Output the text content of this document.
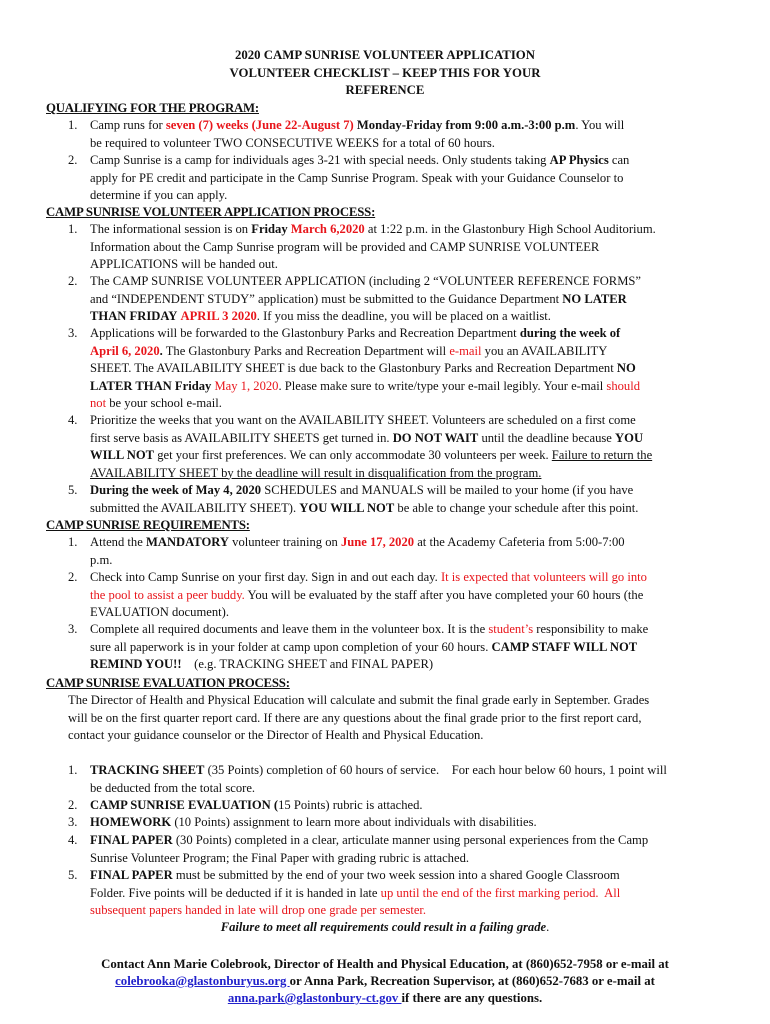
2020 CAMP SUNRISE VOLUNTEER APPLICATION
VOLUNTEER CHECKLIST – KEEP THIS FOR YOUR
REFERENCE
QUALIFYING FOR THE PROGRAM:
1. Camp runs for seven (7) weeks (June 22-August 7) Monday-Friday from 9:00 a.m.-3:00 p.m. You will
be required to volunteer TWO CONSECUTIVE WEEKS for a total of 60 hours.
2. Camp Sunrise is a camp for individuals ages 3-21 with special needs. Only students taking AP Physics can
apply for PE credit and participate in the Camp Sunrise Program. Speak with your Guidance Counselor to
determine if you can apply.
CAMP SUNRISE VOLUNTEER APPLICATION PROCESS:
1. The informational session is on Friday March 6,2020 at 1:22 p.m. in the Glastonbury High School Auditorium.
Information about the Camp Sunrise program will be provided and CAMP SUNRISE VOLUNTEER
APPLICATIONS will be handed out.
2. The CAMP SUNRISE VOLUNTEER APPLICATION (including 2 “VOLUNTEER REFERENCE FORMS”
and “INDEPENDENT STUDY” application) must be submitted to the Guidance Department NO LATER
THAN FRIDAY APRIL 3 2020. If you miss the deadline, you will be placed on a waitlist.
3. Applications will be forwarded to the Glastonbury Parks and Recreation Department during the week of
April 6, 2020. The Glastonbury Parks and Recreation Department will e-mail you an AVAILABILITY
SHEET. The AVAILABILITY SHEET is due back to the Glastonbury Parks and Recreation Department NO
LATER THAN Friday May 1, 2020. Please make sure to write/type your e-mail legibly. Your e-mail should
not be your school e-mail.
4. Prioritize the weeks that you want on the AVAILABILITY SHEET. Volunteers are scheduled on a first come
first serve basis as AVAILABILITY SHEETS get turned in. DO NOT WAIT until the deadline because YOU
WILL NOT get your first preferences. We can only accommodate 30 volunteers per week. Failure to return the
AVAILABILITY SHEET by the deadline will result in disqualification from the program.
5. During the week of May 4, 2020 SCHEDULES and MANUALS will be mailed to your home (if you have
submitted the AVAILABILITY SHEET). YOU WILL NOT be able to change your schedule after this point.
CAMP SUNRISE REQUIREMENTS:
1. Attend the MANDATORY volunteer training on June 17, 2020 at the Academy Cafeteria from 5:00-7:00
p.m.
2. Check into Camp Sunrise on your first day. Sign in and out each day. It is expected that volunteers will go into
the pool to assist a peer buddy. You will be evaluated by the staff after you have completed your 60 hours (the
EVALUATION document).
3. Complete all required documents and leave them in the volunteer box. It is the student’s responsibility to make
sure all paperwork is in your folder at camp upon completion of your 60 hours. CAMP STAFF WILL NOT
REMIND YOU!!    (e.g. TRACKING SHEET and FINAL PAPER)
CAMP SUNRISE EVALUATION PROCESS:
The Director of Health and Physical Education will calculate and submit the final grade early in September. Grades
will be on the first quarter report card. If there are any questions about the final grade prior to the first report card,
contact your guidance counselor or the Director of Health and Physical Education.
1. TRACKING SHEET (35 Points) completion of 60 hours of service.    For each hour below 60 hours, 1 point will
be deducted from the total score.
2. CAMP SUNRISE EVALUATION (15 Points) rubric is attached.
3. HOMEWORK (10 Points) assignment to learn more about individuals with disabilities.
4. FINAL PAPER (30 Points) completed in a clear, articulate manner using personal experiences from the Camp
Sunrise Volunteer Program; the Final Paper with grading rubric is attached.
5. FINAL PAPER must be submitted by the end of your two week session into a shared Google Classroom
Folder. Five points will be deducted if it is handed in late up until the end of the first marking period.  All
subsequent papers handed in late will drop one grade per semester.
Failure to meet all requirements could result in a failing grade.
Contact Ann Marie Colebrook, Director of Health and Physical Education, at (860)652-7958 or e-mail at
colebrooka@glastonburyus.org or Anna Park, Recreation Supervisor, at (860)652-7683 or e-mail at
anna.park@glastonbury-ct.gov if there are any questions.
